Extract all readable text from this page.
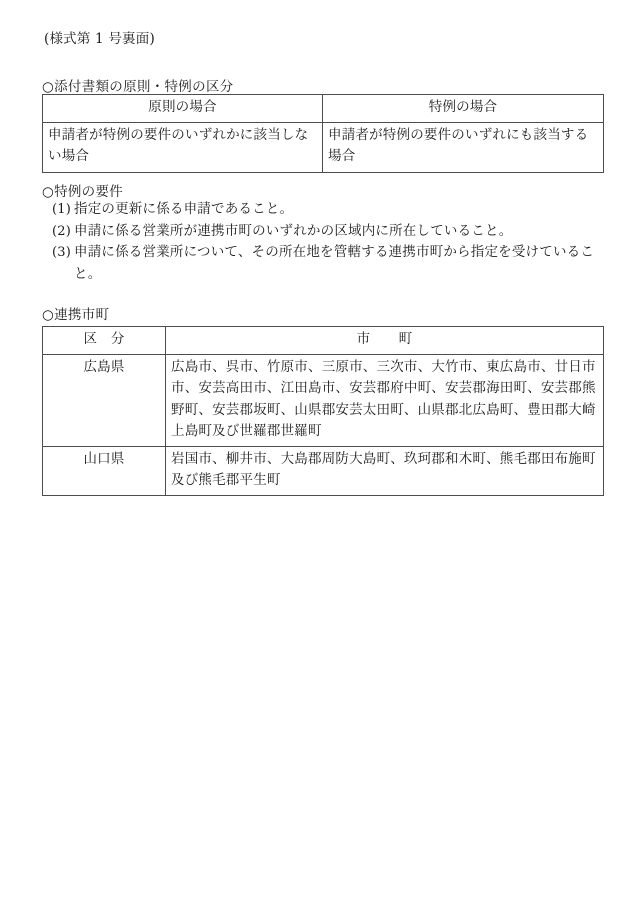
(様式第 1 号裏面)
○添付書類の原則・特例の区分
原則の場合	特例の場合
申請者が特例の要件のいずれかに該当しない場合	申請者が特例の要件のいずれにも該当する場合
○特例の要件
(1) 指定の更新に係る申請であること。
(2) 申請に係る営業所が連携市町のいずれかの区域内に所在していること。
(3) 申請に係る営業所について、その所在地を管轄する連携市町から指定を受けていること。
○連携市町
区　分	市 町
広島県	広島市、呉市、竹原市、三原市、三次市、大竹市、東広島市、廿日市市、安芸高田市、江田島市、安芸郡府中町、安芸郡海田町、安芸郡熊野町、安芸郡坂町、山県郡安芸太田町、山県郡北広島町、豊田郡大崎上島町及び世羅郡世羅町
山口県	岩国市、柳井市、大島郡周防大島町、玖珂郡和木町、熊毛郡田布施町及び熊毛郡平生町
